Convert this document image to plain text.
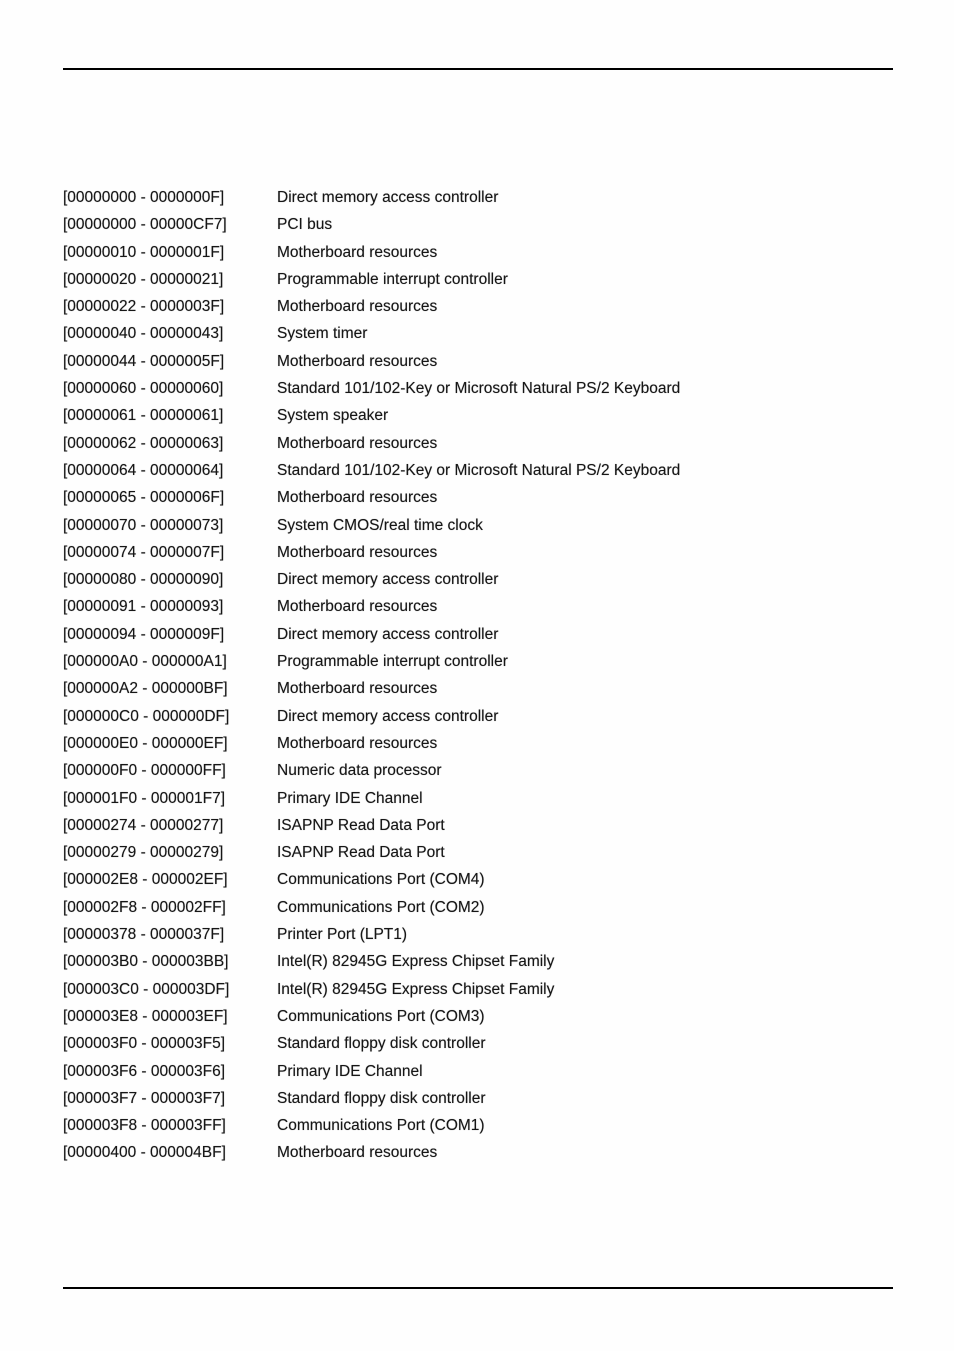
[00000000 - 0000000F]	Direct memory access controller
[00000000 - 00000CF7]	PCI bus
[00000010 - 0000001F]	Motherboard resources
[00000020 - 00000021]	Programmable interrupt controller
[00000022 - 0000003F]	Motherboard resources
[00000040 - 00000043]	System timer
[00000044 - 0000005F]	Motherboard resources
[00000060 - 00000060]	Standard 101/102-Key or Microsoft Natural PS/2 Keyboard
[00000061 - 00000061]	System speaker
[00000062 - 00000063]	Motherboard resources
[00000064 - 00000064]	Standard 101/102-Key or Microsoft Natural PS/2 Keyboard
[00000065 - 0000006F]	Motherboard resources
[00000070 - 00000073]	System CMOS/real time clock
[00000074 - 0000007F]	Motherboard resources
[00000080 - 00000090]	Direct memory access controller
[00000091 - 00000093]	Motherboard resources
[00000094 - 0000009F]	Direct memory access controller
[000000A0 - 000000A1]	Programmable interrupt controller
[000000A2 - 000000BF]	Motherboard resources
[000000C0 - 000000DF]	Direct memory access controller
[000000E0 - 000000EF]	Motherboard resources
[000000F0 - 000000FF]	Numeric data processor
[000001F0 - 000001F7]	Primary IDE Channel
[00000274 - 00000277]	ISAPNP Read Data Port
[00000279 - 00000279]	ISAPNP Read Data Port
[000002E8 - 000002EF]	Communications Port (COM4)
[000002F8 - 000002FF]	Communications Port (COM2)
[00000378 - 0000037F]	Printer Port (LPT1)
[000003B0 - 000003BB]	Intel(R) 82945G Express Chipset Family
[000003C0 - 000003DF]	Intel(R) 82945G Express Chipset Family
[000003E8 - 000003EF]	Communications Port (COM3)
[000003F0 - 000003F5]	Standard floppy disk controller
[000003F6 - 000003F6]	Primary IDE Channel
[000003F7 - 000003F7]	Standard floppy disk controller
[000003F8 - 000003FF]	Communications Port (COM1)
[00000400 - 000004BF]	Motherboard resources
